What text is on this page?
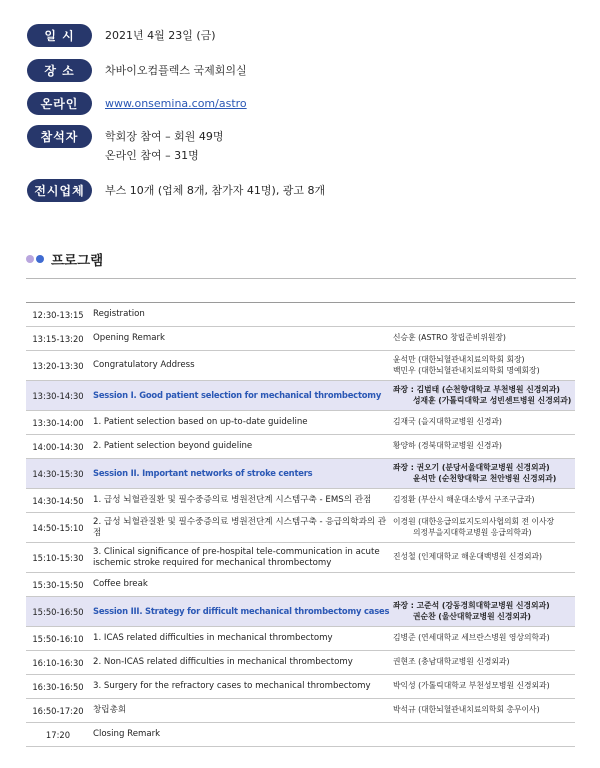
일 시	2021년 4월 23일 (금)
장 소	차바이오컴플렉스 국제회의실
온라인	www.onsemina.com/astro
참석자	학회장 참여 – 회원 49명
온라인 참여 – 31명
전시업체	부스 10개 (업체 8개, 참가자 41명), 광고 8개
프로그램
12:30-13:15	Registration	
13:15-13:20	Opening Remark	신승훈 (ASTRO 창립준비위원장)

13:20-13:30	Congratulatory Address	윤석만 (대한뇌혈관내치료의학회 회장)
백민우 (대한뇌혈관내치료의학회 명예회장)

13:30-14:30	Session I. Good patient selection for mechanical thrombectomy	좌장 : 김범태 (순천향대학교 부천병원 신경외과)
성재훈 (가톨릭대학교 성빈센트병원 신경외과)

13:30-14:00	1. Patient selection based on up-to-date guideline	김재국 (을지대학교병원 신경과)

14:00-14:30	2. Patient selection beyond guideline	황양하 (경북대학교병원 신경과)

14:30-15:30	Session II. Important networks of stroke centers	좌장 : 권오기 (분당서울대학교병원 신경외과)
윤석만 (순천향대학교 천안병원 신경외과)

14:30-14:50	1. 급성 뇌혈관질환 및 필수중증의료 병원전단계 시스템구축 - EMS의 관점	김정환 (부산시 해운대소방서 구조구급과)

14:50-15:10	2. 급성 뇌혈관질환 및 필수중증의료 병원전단계 시스템구축 - 응급의학과의 관점	이경원 (대한응급의료지도의사협의회 전 이사장
의정부을지대학교병원 응급의학과)

15:10-15:30	3. Clinical significance of pre-hospital tele-communication in acute ischemic stroke required for mechanical thrombectomy	진성철 (인제대학교 해운대백병원 신경외과)

15:30-15:50	Coffee break	
15:50-16:50	Session III. Strategy for difficult mechanical thrombectomy cases	좌장 : 고준석 (강동경희대학교병원 신경외과)
권순찬 (울산대학교병원 신경외과)

15:50-16:10	1. ICAS related difficulties in mechanical thrombectomy	김병준 (연세대학교 세브란스병원 영상의학과)

16:10-16:30	2. Non-ICAS related difficulties in mechanical thrombectomy	권현조 (충남대학교병원 신경외과)

16:30-16:50	3. Surgery for the refractory cases to mechanical thrombectomy	박익성 (가톨릭대학교 부천성모병원 신경외과)

16:50-17:20	창립총회	박석규 (대한뇌혈관내치료의학회 총무이사)

17:20	Closing Remark	
